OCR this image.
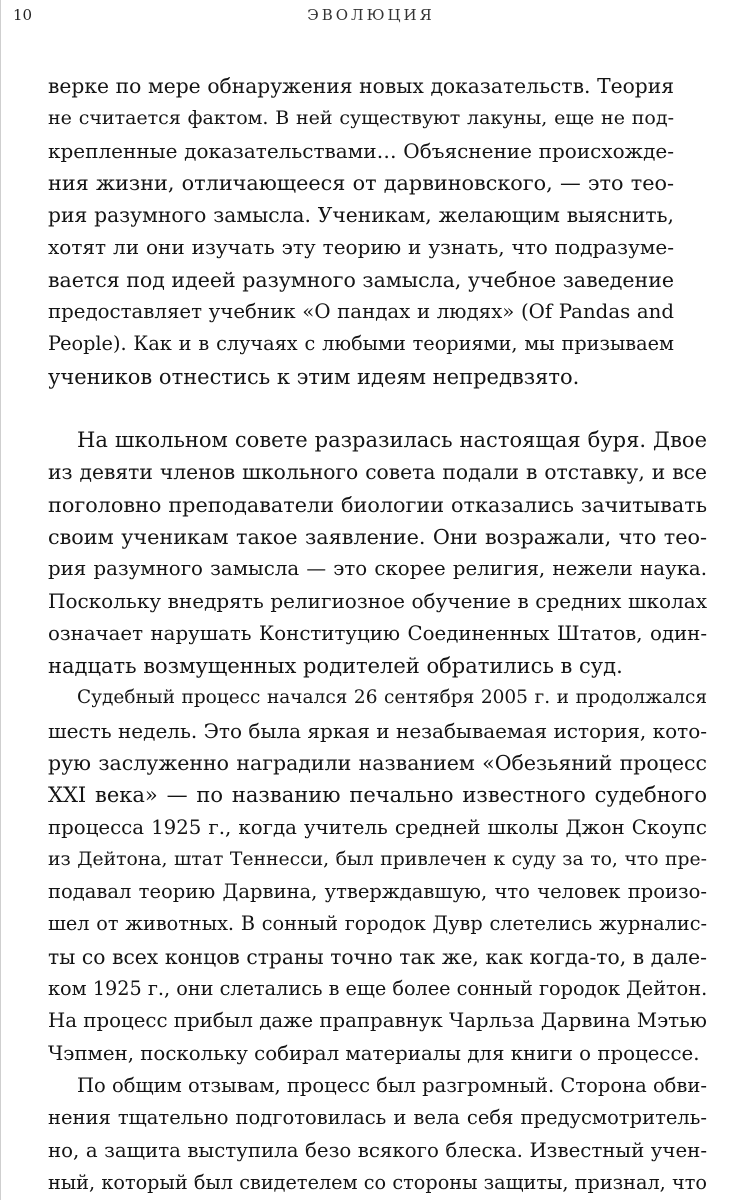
10	ЭВОЛЮЦИЯ
верке по мере обнаружения новых доказательств. Теория
не считается фактом. В ней существуют лакуны, еще не под-
крепленные доказательствами… Объяснение происхожде-
ния жизни, отличающееся от дарвиновского, — это тео-
рия разумного замысла. Ученикам, желающим выяснить,
хотят ли они изучать эту теорию и узнать, что подразуме-
вается под идеей разумного замысла, учебное заведение
предоставляет учебник «О пандах и людях» (Of Pandas and
People). Как и в случаях с любыми теориями, мы призываем
учеников отнестись к этим идеям непредвзято.
На школьном совете разразилась настоящая буря. Двое
из девяти членов школьного совета подали в отставку, и все
поголовно преподаватели биологии отказались зачитывать
своим ученикам такое заявление. Они возражали, что тео-
рия разумного замысла — это скорее религия, нежели наука.
Поскольку внедрять религиозное обучение в средних школах
означает нарушать Конституцию Соединенных Штатов, один-
надцать возмущенных родителей обратились в суд.
Судебный процесс начался 26 сентября 2005 г. и продолжался
шесть недель. Это была яркая и незабываемая история, кото-
рую заслуженно наградили названием «Обезьяний процесс
XXI века» — по названию печально известного судебного
процесса 1925 г., когда учитель средней школы Джон Скоупс
из Дейтона, штат Теннесси, был привлечен к суду за то, что пре-
подавал теорию Дарвина, утверждавшую, что человек произо-
шел от животных. В сонный городок Дувр слетелись журналис-
ты со всех концов страны точно так же, как когда-то, в дале-
ком 1925 г., они слетались в еще более сонный городок Дейтон.
На процесс прибыл даже праправнук Чарльза Дарвина Мэтью
Чэпмен, поскольку собирал материалы для книги о процессе.
По общим отзывам, процесс был разгромный. Сторона обви-
нения тщательно подготовилась и вела себя предусмотритель-
но, а защита выступила безо всякого блеска. Известный учен-
ный, который был свидетелем со стороны защиты, признал, что
